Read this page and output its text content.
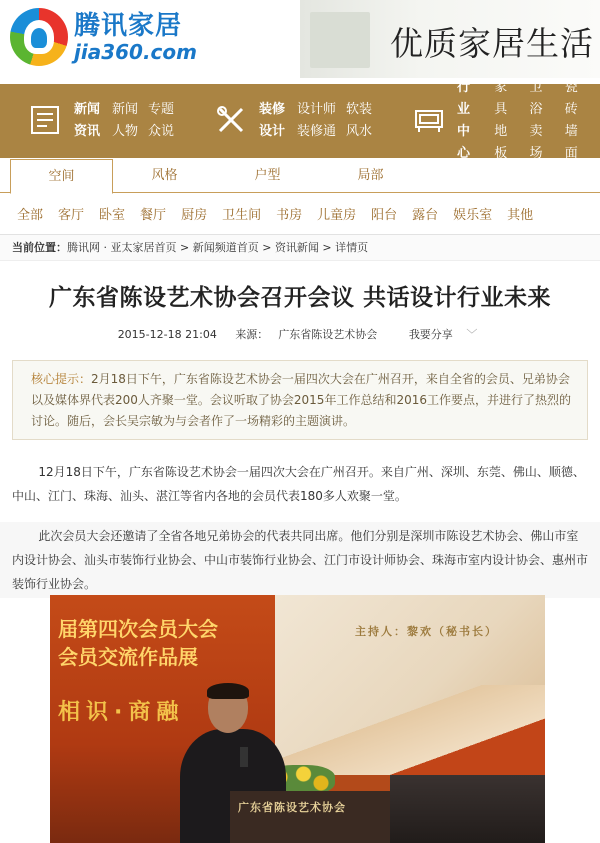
腾讯家居
jia360.com	优质家居生活
新闻
资讯
新闻
人物
专题
众说
装修
设计
设计师
装修通
软装
风水
行业
中心
家具
地板
卫浴
卖场
瓷砖
墙面
空间	风格	户型	局部
全部 客厅 卧室 餐厅 厨房 卫生间 书房 儿童房 阳台 露台 娱乐室 其他
当前位置：腾讯网 · 亚太家居首页 > 新闻频道首页 > 资讯新闻 > 详情页
广东省陈设艺术协会召开会议 共话设计行业未来
2015-12-18 21:04 来源： 广东省陈设艺术协会	我要分享 ﹀
核心提示：2月18日下午，广东省陈设艺术协会一届四次大会在广州召开，来自全省的会员、兄弟协会以及媒体界代表200人齐聚一堂。会议听取了协会2015年工作总结和2016工作要点，并进行了热烈的讨论。随后，会长吴宗敏为与会者作了一场精彩的主题演讲。

12月18日下午，广东省陈设艺术协会一届四次大会在广州召开。来自广州、深圳、东莞、佛山、顺德、中山、江门、珠海、汕头、湛江等省内各地的会员代表180多人欢聚一堂。

此次会员大会还邀请了全省各地兄弟协会的代表共同出席。他们分别是深圳市陈设艺术协会、佛山市室内设计协会、汕头市装饰行业协会、中山市装饰行业协会、江门市设计师协会、珠海市室内设计协会、惠州市装饰行业协会。

届第四次会员大会
会员交流作品展
相识·商融
主持人：黎欢（秘书长）
广东省陈设艺术协会
